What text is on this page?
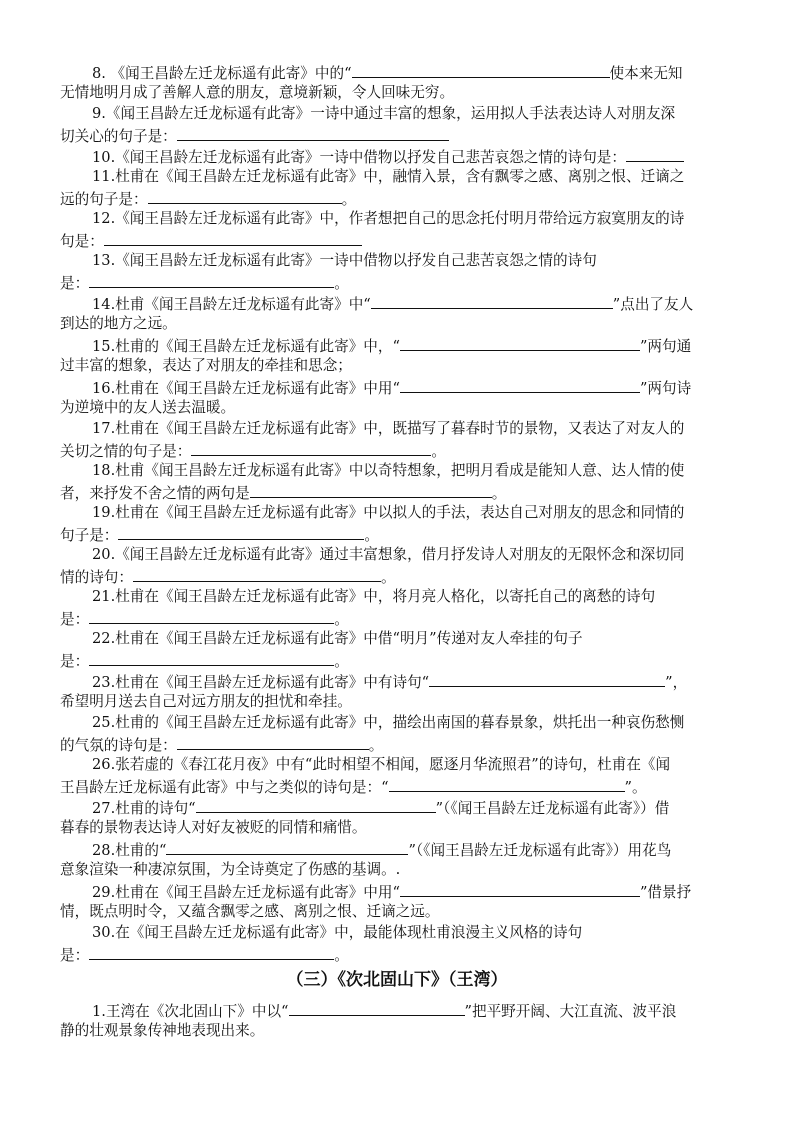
8. 《闻王昌龄左迁龙标遥有此寄》中的“	使本来无知
无情地明月成了善解人意的朋友，意境新颖，令人回味无穷。
9.《闻王昌龄左迁龙标遥有此寄》一诗中通过丰富的想象，运用拟人手法表达诗人对朋友深
切关心的句子是：
10.《闻王昌龄左迁龙标遥有此寄》一诗中借物以抒发自己悲苦哀怨之情的诗句是：
11.杜甫在《闻王昌龄左迁龙标遥有此寄》中，融情入景，含有飘零之感、离别之恨、迁谪之
远的句子是：	。
12.《闻王昌龄左迁龙标遥有此寄》中，作者想把自己的思念托付明月带给远方寂寞朋友的诗
句是：
13.《闻王昌龄左迁龙标遥有此寄》一诗中借物以抒发自己悲苦哀怨之情的诗句
是：	。
14.杜甫《闻王昌龄左迁龙标遥有此寄》中“	”点出了友人
到达的地方之远。
15.杜甫的《闻王昌龄左迁龙标遥有此寄》中，“	”两句通
过丰富的想象，表达了对朋友的牵挂和思念；
16.杜甫在《闻王昌龄左迁龙标遥有此寄》中用“	”两句诗
为逆境中的友人送去温暖。
17.杜甫在《闻王昌龄左迁龙标遥有此寄》中，既描写了暮春时节的景物，又表达了对友人的
关切之情的句子是：	。
18.杜甫《闻王昌龄左迁龙标遥有此寄》中以奇特想象，把明月看成是能知人意、达人情的使
者，来抒发不舍之情的两句是	。
19.杜甫在《闻王昌龄左迁龙标遥有此寄》中以拟人的手法，表达自己对朋友的思念和同情的
句子是：	。
20.《闻王昌龄左迁龙标遥有此寄》通过丰富想象，借月抒发诗人对朋友的无限怀念和深切同
情的诗句：	。
21.杜甫在《闻王昌龄左迁龙标遥有此寄》中，将月亮人格化，以寄托自己的离愁的诗句
是：	。
22.杜甫在《闻王昌龄左迁龙标遥有此寄》中借“明月”传递对友人牵挂的句子
是：	。
23.杜甫在《闻王昌龄左迁龙标遥有此寄》中有诗句“	”，
希望明月送去自己对远方朋友的担忧和牵挂。
25.杜甫的《闻王昌龄左迁龙标遥有此寄》中，描绘出南国的暮春景象，烘托出一种哀伤愁恻
的气氛的诗句是：	。
26.张若虚的《春江花月夜》中有“此时相望不相闻，愿逐月华流照君”的诗句，杜甫在《闻
王昌龄左迁龙标遥有此寄》中与之类似的诗句是：“	”。
27.杜甫的诗句“	”（《闻王昌龄左迁龙标遥有此寄》）借
暮春的景物表达诗人对好友被贬的同情和痛惜。
28.杜甫的“	”（《闻王昌龄左迁龙标遥有此寄》）用花鸟
意象渲染一种凄凉氛围，为全诗奠定了伤感的基调。.
29.杜甫在《闻王昌龄左迁龙标遥有此寄》中用“	”借景抒
情，既点明时令，又蕴含飘零之感、离别之恨、迁谪之远。
30.在《闻王昌龄左迁龙标遥有此寄》中，最能体现杜甫浪漫主义风格的诗句
是：	。
（三）《次北固山下》（王湾）
1.王湾在《次北固山下》中以“	”把平野开阔、大江直流、波平浪
静的壮观景象传神地表现出来。
